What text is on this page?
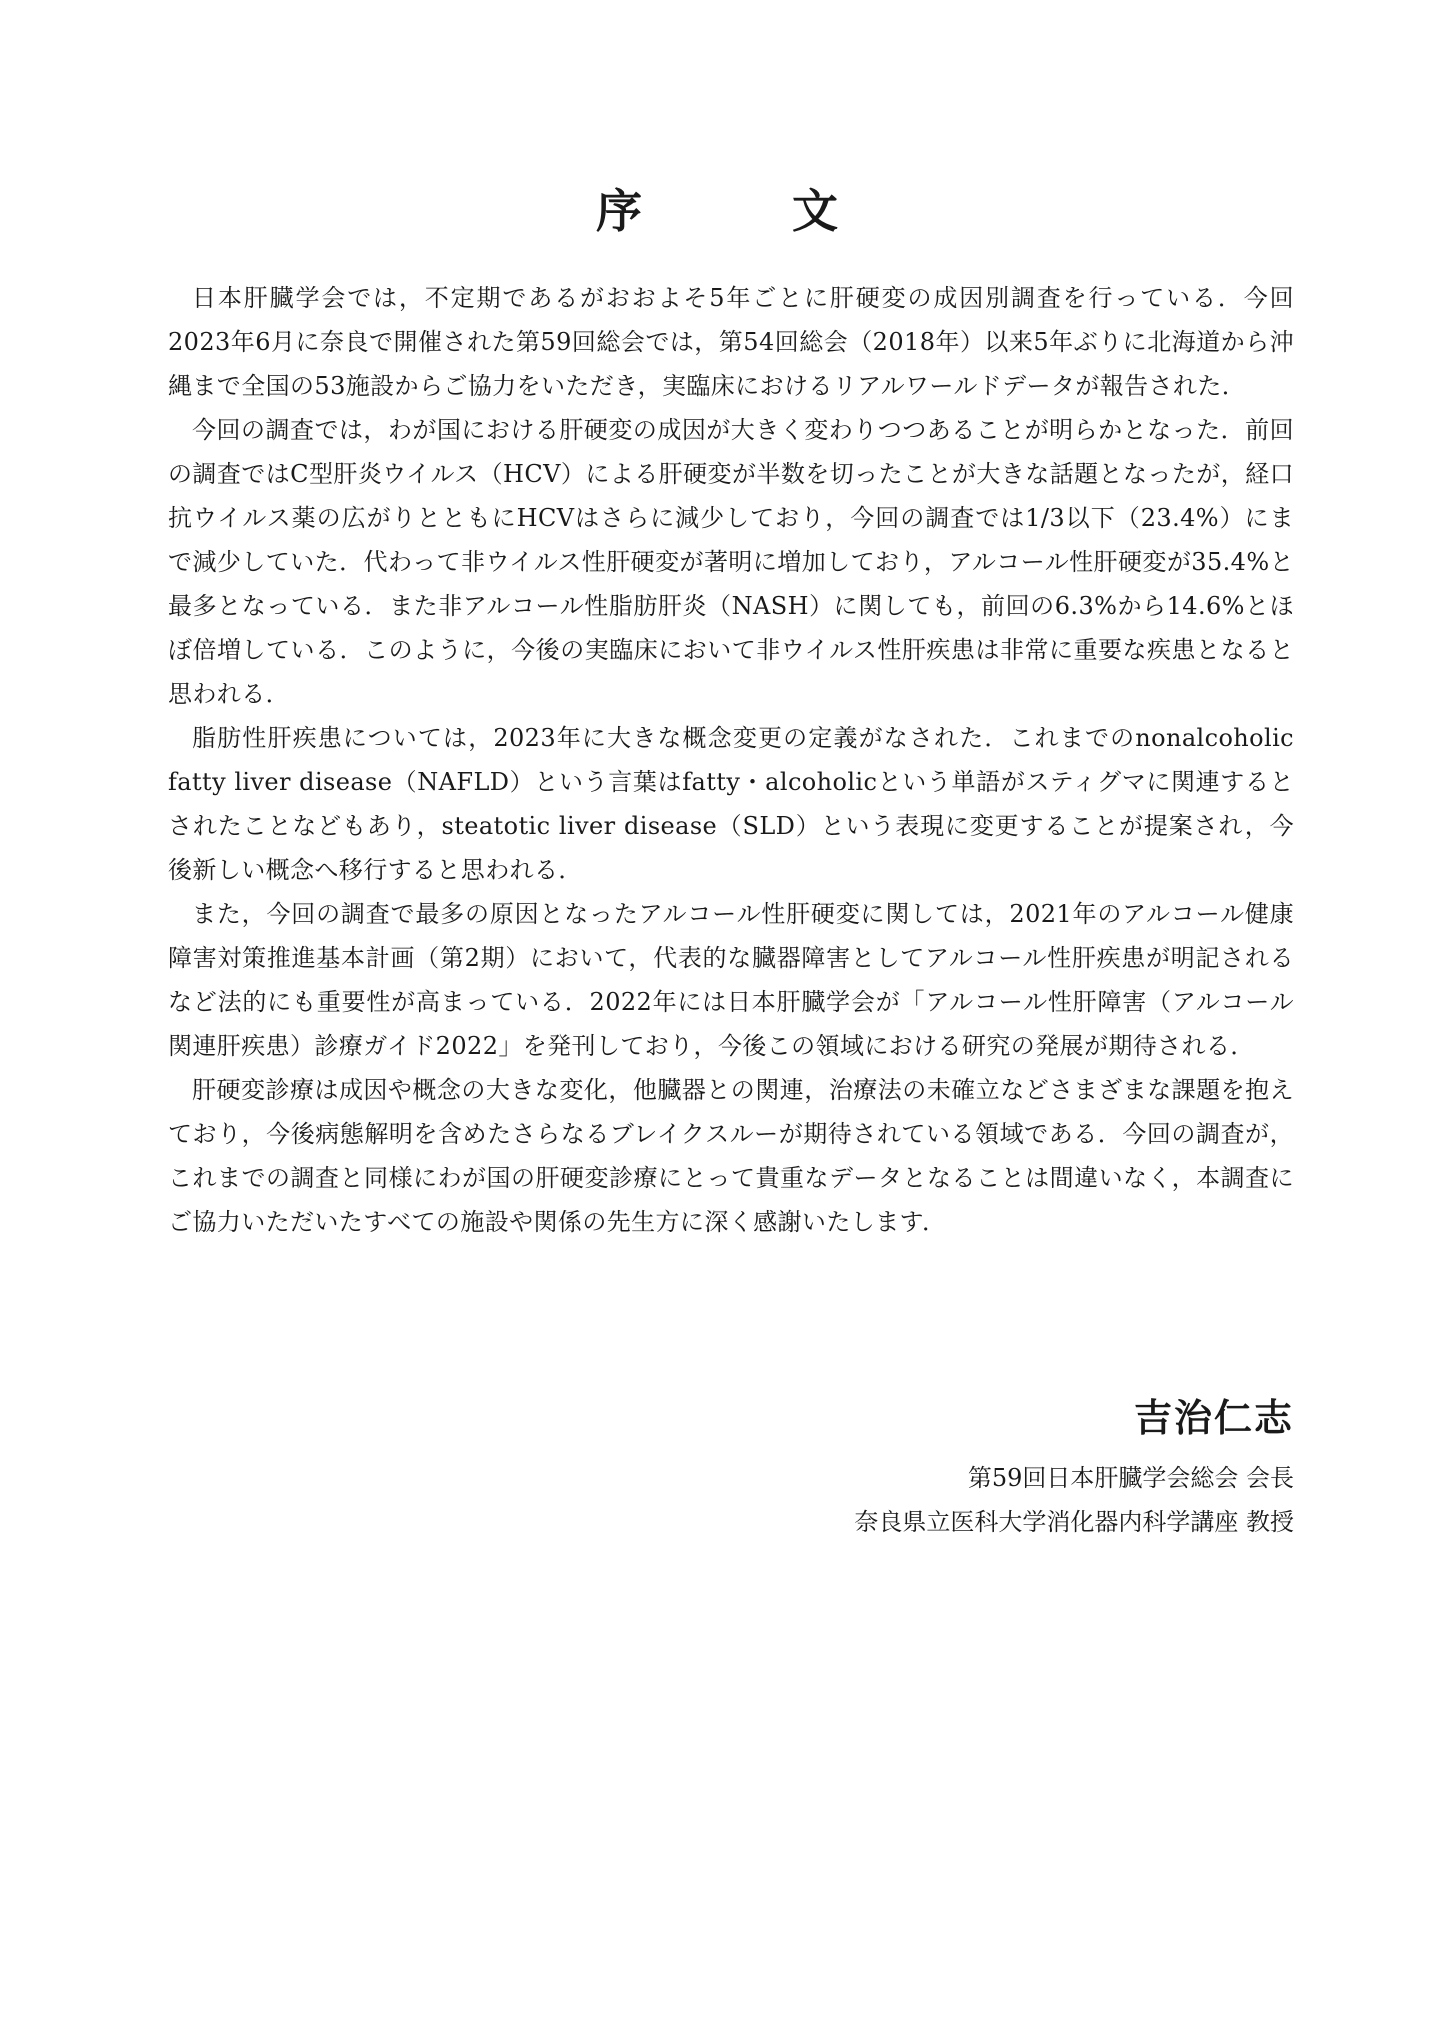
序　文

日本肝臓学会では，不定期であるがおおよそ5年ごとに肝硬変の成因別調査を行っている．今回2023年6月に奈良で開催された第59回総会では，第54回総会（2018年）以来5年ぶりに北海道から沖縄まで全国の53施設からご協力をいただき，実臨床におけるリアルワールドデータが報告された．

今回の調査では，わが国における肝硬変の成因が大きく変わりつつあることが明らかとなった．前回の調査ではC型肝炎ウイルス（HCV）による肝硬変が半数を切ったことが大きな話題となったが，経口抗ウイルス薬の広がりとともにHCVはさらに減少しており，今回の調査では1/3以下（23.4%）にまで減少していた．代わって非ウイルス性肝硬変が著明に増加しており，アルコール性肝硬変が35.4%と最多となっている．また非アルコール性脂肪肝炎（NASH）に関しても，前回の6.3%から14.6%とほぼ倍増している．このように，今後の実臨床において非ウイルス性肝疾患は非常に重要な疾患となると思われる．

脂肪性肝疾患については，2023年に大きな概念変更の定義がなされた．これまでのnonalcoholic fatty liver disease（NAFLD）という言葉はfatty・alcoholicという単語がスティグマに関連するとされたことなどもあり，steatotic liver disease（SLD）という表現に変更することが提案され，今後新しい概念へ移行すると思われる．

また，今回の調査で最多の原因となったアルコール性肝硬変に関しては，2021年のアルコール健康障害対策推進基本計画（第2期）において，代表的な臓器障害としてアルコール性肝疾患が明記されるなど法的にも重要性が高まっている．2022年には日本肝臓学会が「アルコール性肝障害（アルコール関連肝疾患）診療ガイド2022」を発刊しており，今後この領域における研究の発展が期待される．

肝硬変診療は成因や概念の大きな変化，他臓器との関連，治療法の未確立などさまざまな課題を抱えており，今後病態解明を含めたさらなるブレイクスルーが期待されている領域である．今回の調査が，これまでの調査と同様にわが国の肝硬変診療にとって貴重なデータとなることは間違いなく，本調査にご協力いただいたすべての施設や関係の先生方に深く感謝いたします．

吉治仁志
第59回日本肝臓学会総会 会長
奈良県立医科大学消化器内科学講座 教授
